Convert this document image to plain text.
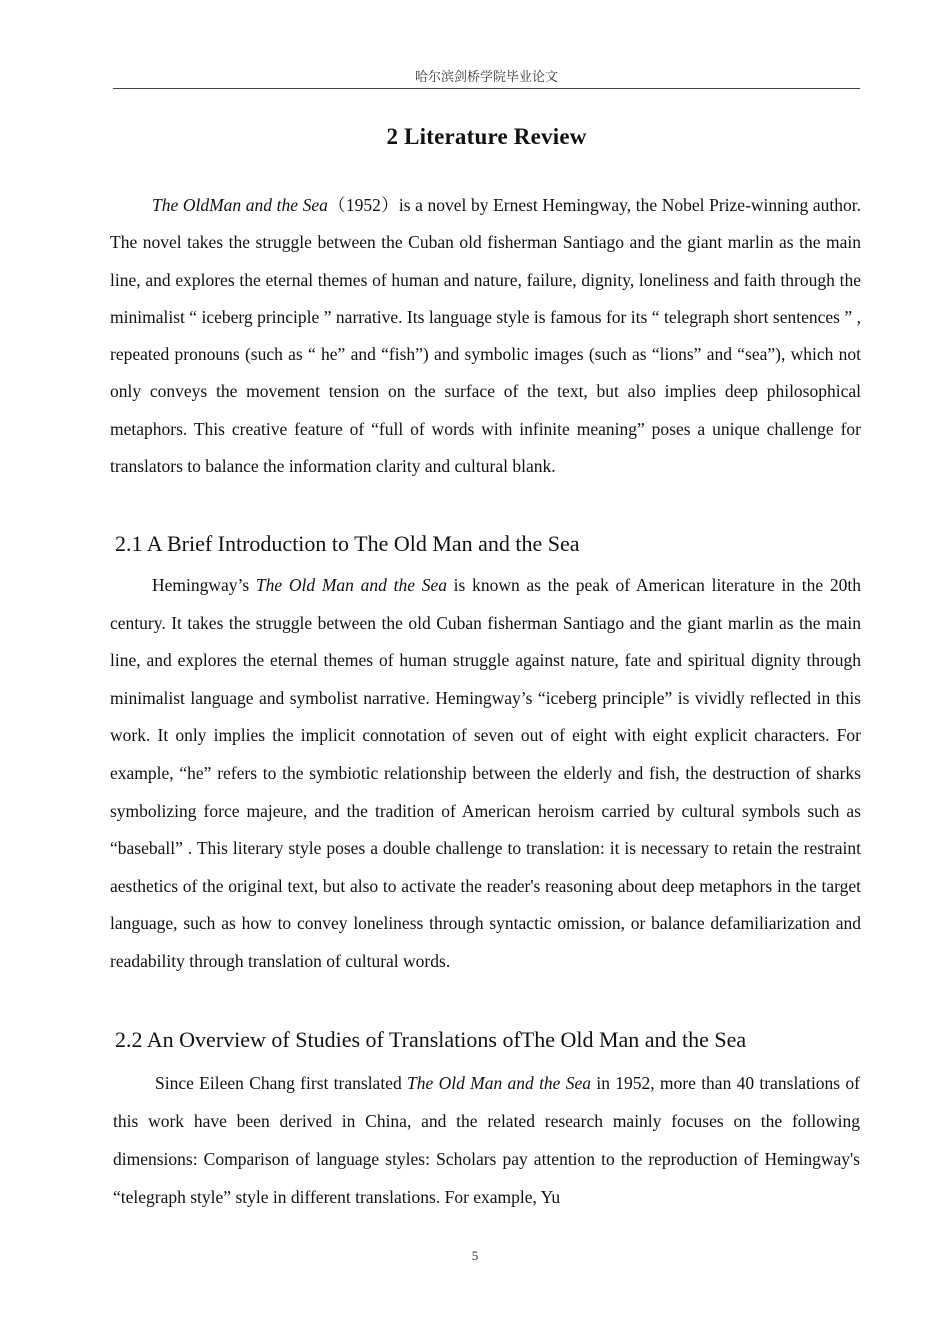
哈尔滨剑桥学院毕业论文
2 Literature Review

The OldMan and the Sea（1952）is a novel by Ernest Hemingway, the Nobel Prize-winning author. The novel takes the struggle between the Cuban old fisherman Santiago and the giant marlin as the main line, and explores the eternal themes of human and nature, failure, dignity, loneliness and faith through the minimalist “ iceberg principle ” narrative. Its language style is famous for its “ telegraph short sentences ” , repeated pronouns (such as “ he” and “fish”) and symbolic images (such as “lions” and “sea”), which not only conveys the movement tension on the surface of the text, but also implies deep philosophical metaphors. This creative feature of “full of words with infinite meaning” poses a unique challenge for translators to balance the information clarity and cultural blank.

2.1 A Brief Introduction to The Old Man and the Sea

Hemingway’s The Old Man and the Sea is known as the peak of American literature in the 20th century. It takes the struggle between the old Cuban fisherman Santiago and the giant marlin as the main line, and explores the eternal themes of human struggle against nature, fate and spiritual dignity through minimalist language and symbolist narrative. Hemingway’s “iceberg principle” is vividly reflected in this work. It only implies the implicit connotation of seven out of eight with eight explicit characters. For example, “he” refers to the symbiotic relationship between the elderly and fish, the destruction of sharks symbolizing force majeure, and the tradition of American heroism carried by cultural symbols such as “baseball” . This literary style poses a double challenge to translation: it is necessary to retain the restraint aesthetics of the original text, but also to activate the reader's reasoning about deep metaphors in the target language, such as how to convey loneliness through syntactic omission, or balance defamiliarization and readability through translation of cultural words.

2.2 An Overview of Studies of Translations ofThe Old Man and the Sea

Since Eileen Chang first translated The Old Man and the Sea in 1952, more than 40 translations of this work have been derived in China, and the related research mainly focuses on the following dimensions: Comparison of language styles: Scholars pay attention to the reproduction of Hemingway's “telegraph style” style in different translations. For example, Yu

5
